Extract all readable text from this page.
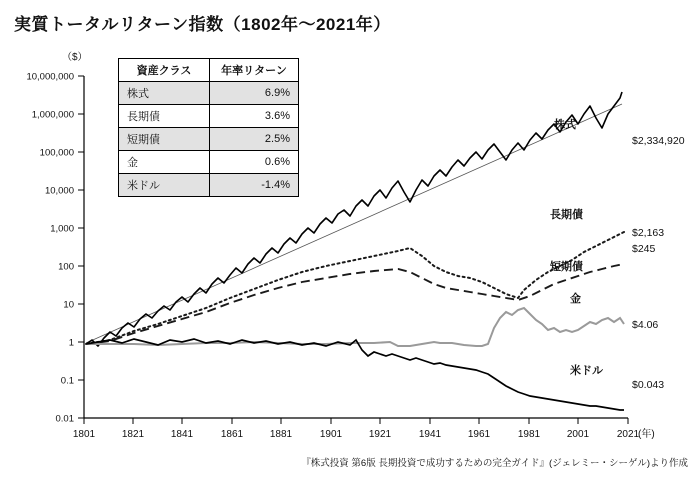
実質トータルリターン指数（1802年〜2021年）
10,000,000
1,000,000
100,000
10,000
1,000
100
10
1
0.1
0.01
（$）
1801	1821	1841	1861	1881	1901	1921	1941	1961	1981	2001	2021
(年)
株式
$2,334,920
長期債
$2,163
短期債
$245
金
$4.06
米ドル
$0.043
資産クラス	年率リターン
株式	6.9%
長期債	3.6%
短期債	2.5%
金	0.6%
米ドル	-1.4%
『株式投資 第6版 長期投資で成功するための完全ガイド』(ジェレミー・シーゲル)より作成
